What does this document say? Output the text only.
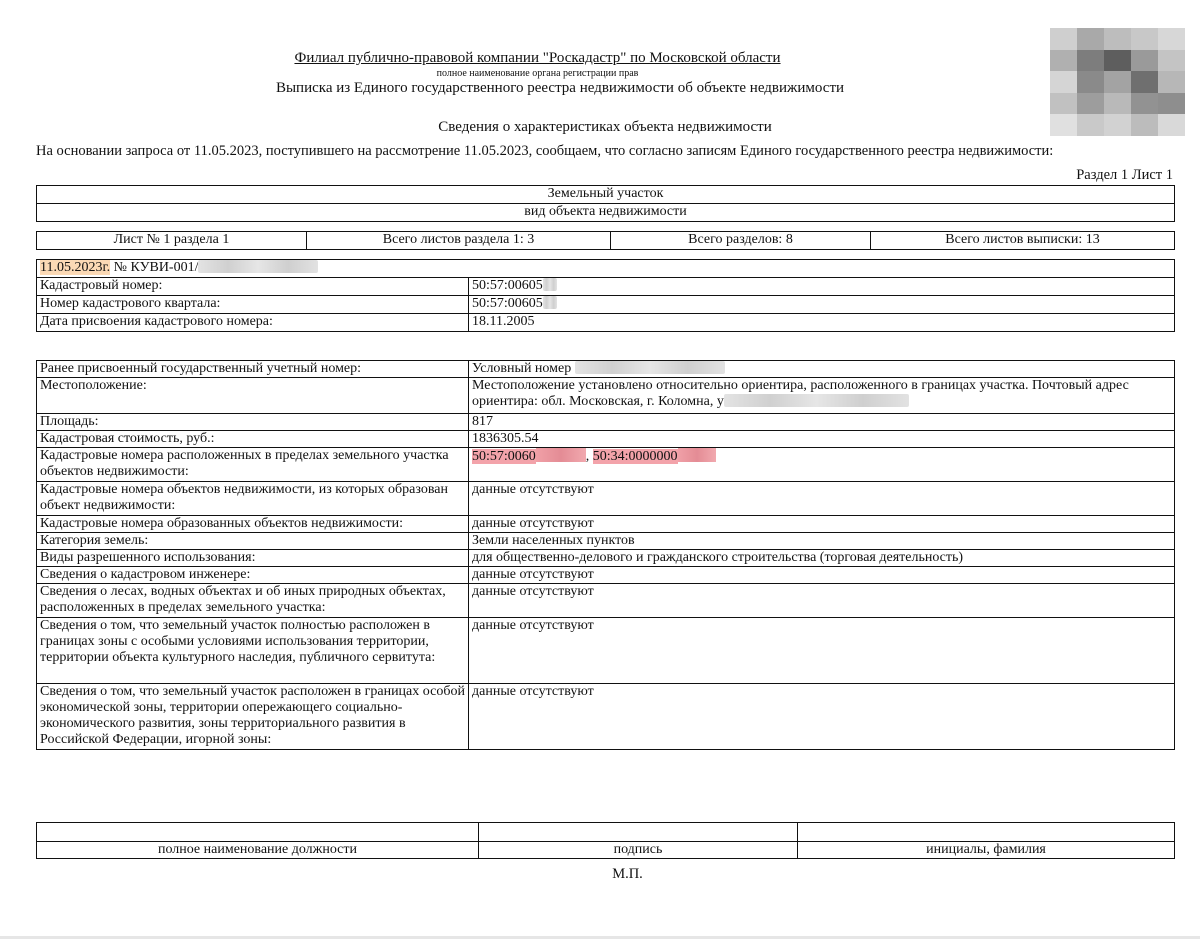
Филиал публично-правовой компании "Роскадастр" по Московской области
полное наименование органа регистрации прав
Выписка из Единого государственного реестра недвижимости об объекте недвижимости
Сведения о характеристиках объекта недвижимости
На основании запроса от 11.05.2023, поступившего на рассмотрение 11.05.2023, сообщаем, что согласно записям Единого государственного реестра недвижимости:
Раздел 1 Лист 1
Земельный участок
вид объекта недвижимости
Лист № 1 раздела 1	Всего листов раздела 1: 3	Всего разделов: 8	Всего листов выписки: 13
11.05.2023г. № КУВИ-001/	
Кадастровый номер:	50:57:00605
Номер кадастрового квартала:	50:57:00605
Дата присвоения кадастрового номера:	18.11.2005
Ранее присвоенный государственный учетный номер:	Условный номер
Местоположение:	Местоположение установлено относительно ориентира, расположенного в границах участка. Почтовый адрес ориентира: обл. Московская, г. Коломна, у
Площадь:	817
Кадастровая стоимость, руб.:	1836305.54
Кадастровые номера расположенных в пределах земельного участка объектов недвижимости:	50:57:0060 , 50:34:0000000
Кадастровые номера объектов недвижимости, из которых образован объект недвижимости:	данные отсутствуют
Кадастровые номера образованных объектов недвижимости:	данные отсутствуют
Категория земель:	Земли населенных пунктов
Виды разрешенного использования:	для общественно-делового и гражданского строительства (торговая деятельность)
Сведения о кадастровом инженере:	данные отсутствуют
Сведения о лесах, водных объектах и об иных природных объектах, расположенных в пределах земельного участка:	данные отсутствуют
Сведения о том, что земельный участок полностью расположен в границах зоны с особыми условиями использования территории, территории объекта культурного наследия, публичного сервитута:	данные отсутствуют
Сведения о том, что земельный участок расположен в границах особой экономической зоны, территории опережающего социально-экономического развития, зоны территориального развития в Российской Федерации, игорной зоны:	данные отсутствуют

полное наименование должности	подпись	инициалы, фамилия
М.П.
